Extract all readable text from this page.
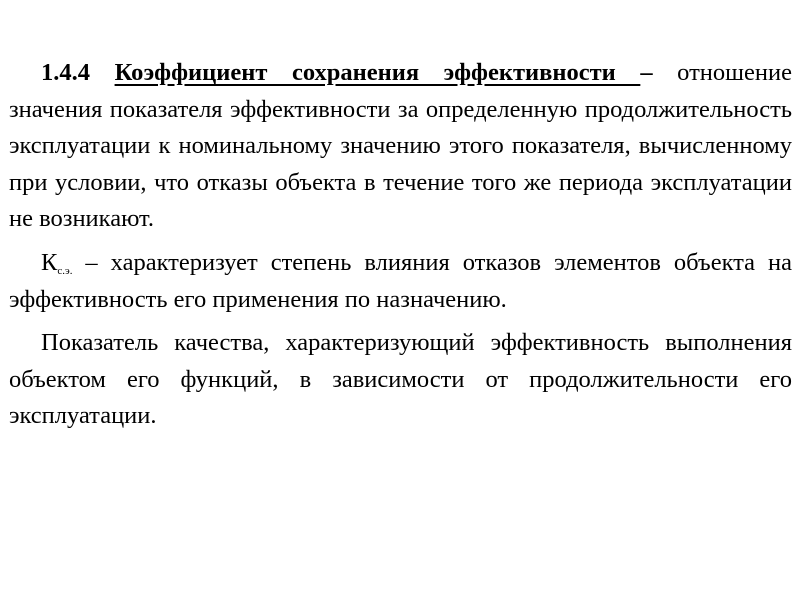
1.4.4 Коэффициент сохранения эффективности – отношение значения показателя эффективности за определенную продолжительность эксплуатации к номинальному значению этого показателя, вычисленному при условии, что отказы объекта в течение того же периода эксплуатации не возникают.

$К_{с.э.}$ – характеризует степень влияния отказов элементов объекта на эффективность его применения по назначению.

Показатель качества, характеризующий эффективность выполнения объектом его функций, в зависимости от продолжительности его эксплуатации.
